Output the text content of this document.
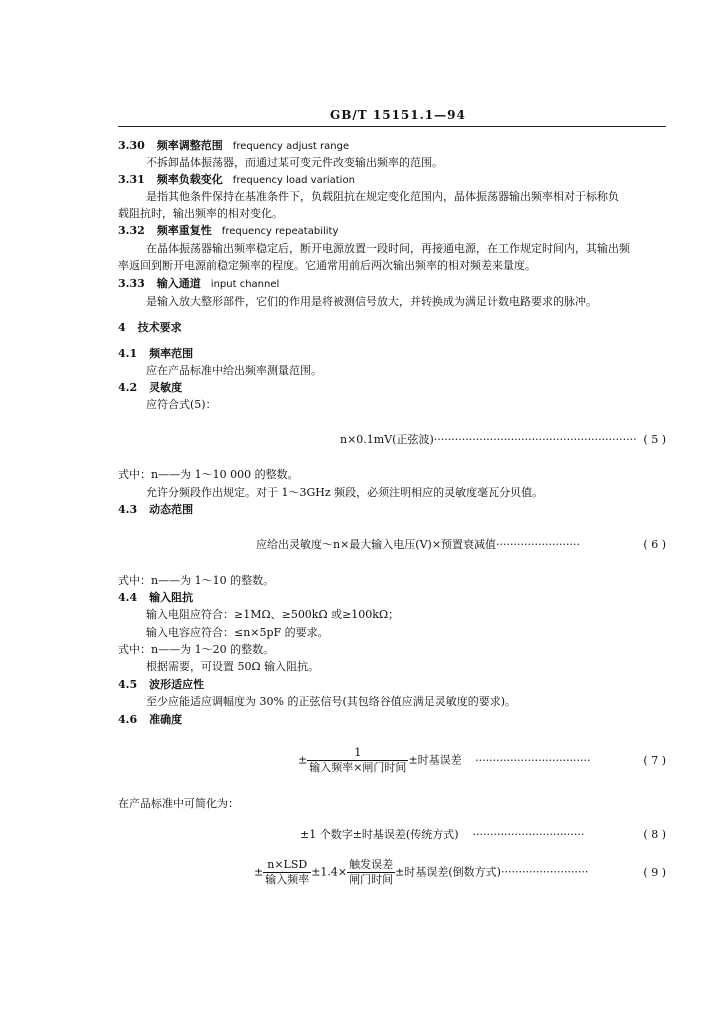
GB/T 15151.1—94
3.30 频率调整范围 frequency adjust range
不拆卸晶体振荡器，而通过某可变元件改变输出频率的范围。
3.31 频率负载变化 frequency load variation
是指其他条件保持在基准条件下，负载阻抗在规定变化范围内，晶体振荡器输出频率相对于标称负
载阻抗时，输出频率的相对变化。
3.32 频率重复性 frequency repeatability
在晶体振荡器输出频率稳定后，断开电源放置一段时间，再接通电源，在工作规定时间内，其输出频
率返回到断开电源前稳定频率的程度。它通常用前后两次输出频率的相对频差来量度。
3.33 输入通道 input channel
是输入放大整形部件，它们的作用是将被测信号放大，并转换成为满足计数电路要求的脉冲。
4 技术要求
4.1 频率范围
应在产品标准中给出频率测量范围。
4.2 灵敏度
应符合式(5)：
n×0.1mV(正弦波)·························································· ( 5 )
式中：n——为 1～10 000 的整数。
允许分频段作出规定。对于 1～3GHz 频段，必须注明相应的灵敏度毫瓦分贝值。
4.3 动态范围
应给出灵敏度～n×最大输入电压(V)×预置衰减值························	( 6 )
式中：n——为 1～10 的整数。
4.4 输入阻抗
输入电阻应符合：≥1MΩ、≥500kΩ 或≥100kΩ；
输入电容应符合：≤n×5pF 的要求。
式中：n——为 1～20 的整数。
根据需要，可设置 50Ω 输入阻抗。
4.5 波形适应性
至少应能适应调幅度为 30% 的正弦信号(其包络谷值应满足灵敏度的要求)。
4.6 准确度
± $\frac{1}{\text{输入频率×闸门时间}}$ ±时基误差 ·································	( 7 )
在产品标准中可简化为：
±1 个数字±时基误差(传统方式) ································	( 8 )
± $\frac{\text{n×LSD}}{\text{输入频率}} \pm 1.4\times \frac{\text{触发误差}}{\text{闸门时间}}$ ±时基误差(倒数方式)·························	( 9 )
